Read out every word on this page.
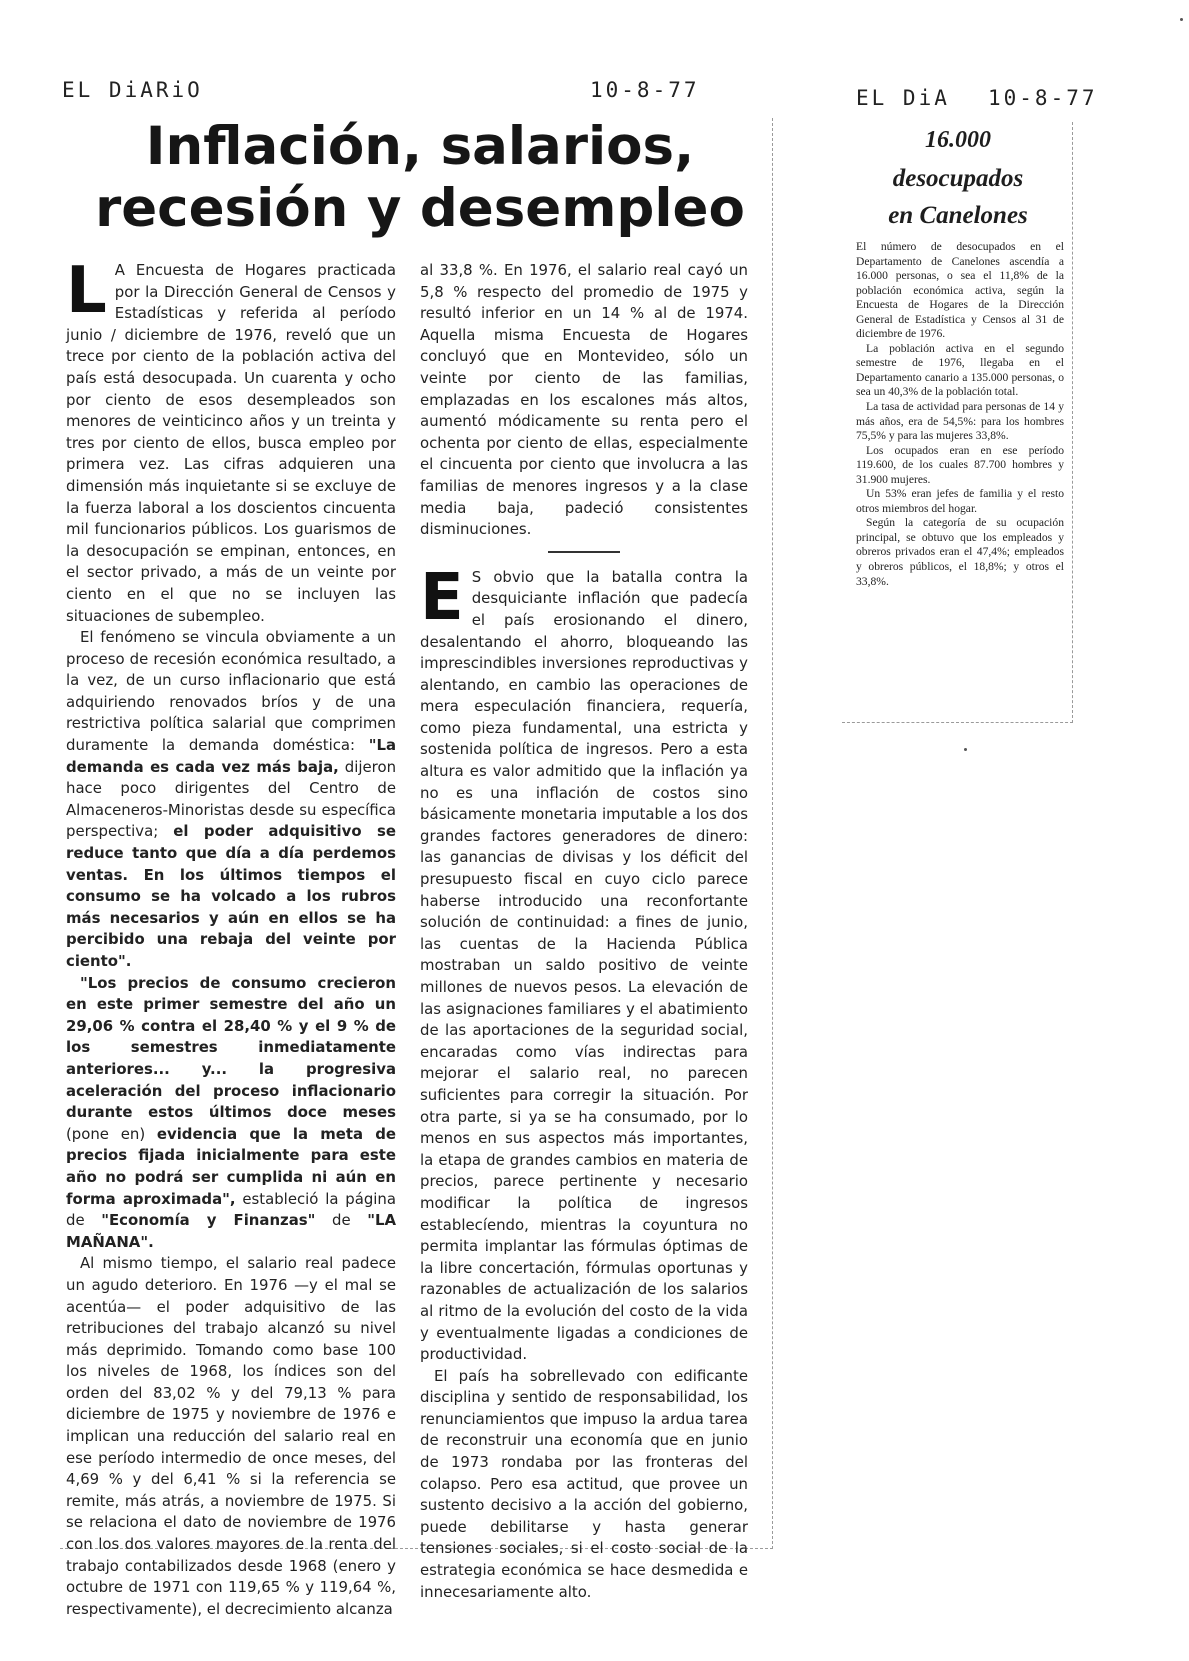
EL DiARiO	10-8-77
Inflación, salarios,
recesión y desempleo

L A Encuesta de Hogares practicada por la Dirección General de Censos y Estadísticas y referida al período junio / diciembre de 1976, reveló que un trece por ciento de la población activa del país está desocupada. Un cuarenta y ocho por ciento de esos desempleados son menores de veinticinco años y un treinta y tres por ciento de ellos, busca empleo por primera vez. Las cifras adquieren una dimensión más inquietante si se excluye de la fuerza laboral a los doscientos cincuenta mil funcionarios públicos. Los guarismos de la desocupación se empinan, entonces, en el sector privado, a más de un veinte por ciento en el que no se incluyen las situaciones de subempleo.

El fenómeno se vincula obviamente a un proceso de recesión económica resultado, a la vez, de un curso inflacionario que está adquiriendo renovados bríos y de una restrictiva política salarial que comprimen duramente la demanda doméstica: "La demanda es cada vez más baja, dijeron hace poco dirigentes del Centro de Almaceneros-Minoristas desde su específica perspectiva; el poder adquisitivo se reduce tanto que día a día perdemos ventas. En los últimos tiempos el consumo se ha volcado a los rubros más necesarios y aún en ellos se ha percibido una rebaja del veinte por ciento".

"Los precios de consumo crecieron en este primer semestre del año un 29,06 % contra el 28,40 % y el 9 % de los semestres inmediatamente anteriores... y... la progresiva aceleración del proceso inflacionario durante estos últimos doce meses (pone en) evidencia que la meta de precios fijada inicialmente para este año no podrá ser cumplida ni aún en forma aproximada", estableció la página de "Economía y Finanzas" de "LA MAÑANA".

Al mismo tiempo, el salario real padece un agudo deterioro. En 1976 —y el mal se acentúa— el poder adquisitivo de las retribuciones del trabajo alcanzó su nivel más deprimido. Tomando como base 100 los niveles de 1968, los índices son del orden del 83,02 % y del 79,13 % para diciembre de 1975 y noviembre de 1976 e implican una reducción del salario real en ese período intermedio de once meses, del 4,69 % y del 6,41 % si la referencia se remite, más atrás, a noviembre de 1975. Si se relaciona el dato de noviembre de 1976 con los dos valores mayores de la renta del trabajo contabilizados desde 1968 (enero y octubre de 1971 con 119,65 % y 119,64 %, respectivamente), el decrecimiento alcanza

al 33,8 %. En 1976, el salario real cayó un 5,8 % respecto del promedio de 1975 y resultó inferior en un 14 % al de 1974. Aquella misma Encuesta de Hogares concluyó que en Montevideo, sólo un veinte por ciento de las familias, emplazadas en los escalones más altos, aumentó módicamente su renta pero el ochenta por ciento de ellas, especialmente el cincuenta por ciento que involucra a las familias de menores ingresos y a la clase media baja, padeció consistentes disminuciones.

E S obvio que la batalla contra la desquiciante inflación que padecía el país erosionando el dinero, desalentando el ahorro, bloqueando las imprescindibles inversiones reproductivas y alentando, en cambio las operaciones de mera especulación financiera, requería, como pieza fundamental, una estricta y sostenida política de ingresos. Pero a esta altura es valor admitido que la inflación ya no es una inflación de costos sino básicamente monetaria imputable a los dos grandes factores generadores de dinero: las ganancias de divisas y los déficit del presupuesto fiscal en cuyo ciclo parece haberse introducido una reconfortante solución de continuidad: a fines de junio, las cuentas de la Hacienda Pública mostraban un saldo positivo de veinte millones de nuevos pesos. La elevación de las asignaciones familiares y el abatimiento de las aportaciones de la seguridad social, encaradas como vías indirectas para mejorar el salario real, no parecen suficientes para corregir la situación. Por otra parte, si ya se ha consumado, por lo menos en sus aspectos más importantes, la etapa de grandes cambios en materia de precios, parece pertinente y necesario modificar la política de ingresos establecíendo, mientras la coyuntura no permita implantar las fórmulas óptimas de la libre concertación, fórmulas oportunas y razonables de actualización de los salarios al ritmo de la evolución del costo de la vida y eventualmente ligadas a condiciones de productividad.

El país ha sobrellevado con edificante disciplina y sentido de responsabilidad, los renunciamientos que impuso la ardua tarea de reconstruir una economía que en junio de 1973 rondaba por las fronteras del colapso. Pero esa actitud, que provee un sustento decisivo a la acción del gobierno, puede debilitarse y hasta generar tensiones sociales, si el costo social de la estrategia económica se hace desmedida e innecesariamente alto.

EL DiA 10-8-77
16.000
desocupados
en Canelones

El número de desocupados en el Departamento de Canelones ascendía a 16.000 personas, o sea el 11,8% de la población económica activa, según la Encuesta de Hogares de la Dirección General de Estadística y Censos al 31 de diciembre de 1976.

La población activa en el segundo semestre de 1976, llegaba en el Departamento canario a 135.000 personas, o sea un 40,3% de la población total.

La tasa de actividad para personas de 14 y más años, era de 54,5%: para los hombres 75,5% y para las mujeres 33,8%.

Los ocupados eran en ese período 119.600, de los cuales 87.700 hombres y 31.900 mujeres.

Un 53% eran jefes de familia y el resto otros miembros del hogar.

Según la categoría de su ocupación principal, se obtuvo que los empleados y obreros privados eran el 47,4%; empleados y obreros públicos, el 18,8%; y otros el 33,8%.
